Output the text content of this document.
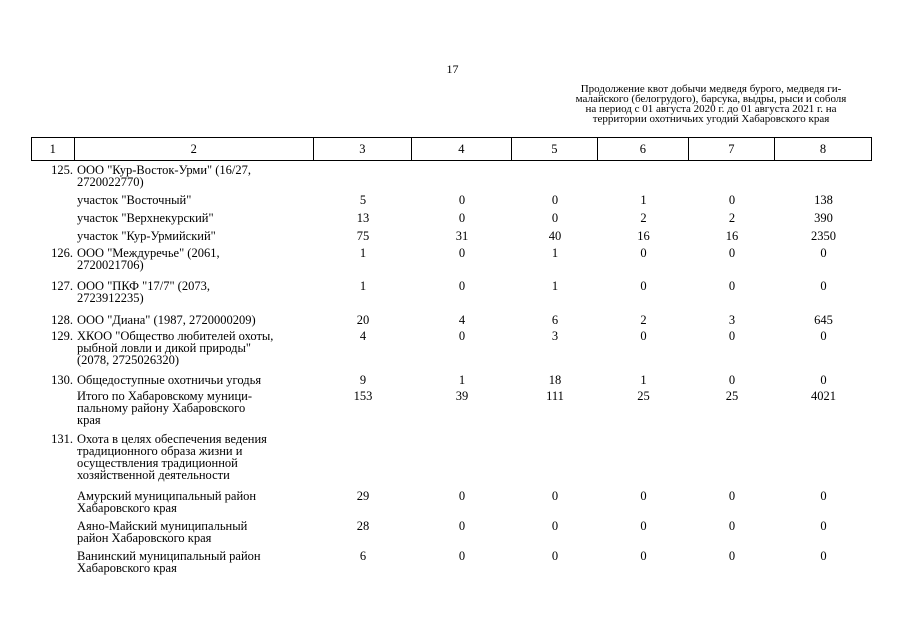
17
Продолжение квот добычи медведя бурого, медведя ги-
малайского (белогрудого), барсука, выдры, рыси и соболя
на период с 01 августа 2020 г. до 01 августа 2021 г. на
территории охотничьих угодий Хабаровского края
1	2	3	4	5	6	7	8
125.	ООО "Кур-Восток-Урми" (16/27,
2720022770)						

	участок "Восточный"	5	0	0	1	0	138

	участок "Верхнекурский"	13	0	0	2	2	390

	участок "Кур-Урмийский"	75	31	40	16	16	2350
126.	ООО "Междуречье" (2061,
2720021706)	1	0	1	0	0	0
127.	ООО "ПКФ "17/7" (2073,
2723912235)	1	0	1	0	0	0
128.	ООО "Диана" (1987, 2720000209)	20	4	6	2	3	645
129.	ХКОО "Общество любителей охоты,
рыбной ловли и дикой природы"
(2078, 2725026320)	4	0	3	0	0	0
130.	Общедоступные охотничьи угодья	9	1	18	1	0	0

	Итого по Хабаровскому муници-
пальному району Хабаровского
края	153	39	111	25	25	4021
131.	Охота в целях обеспечения ведения
традиционного образа жизни и
осуществления традиционной
хозяйственной деятельности						

	Амурский муниципальный район
Хабаровского края	29	0	0	0	0	0

	Аяно-Майский муниципальный
район Хабаровского края	28	0	0	0	0	0

	Ванинский муниципальный район
Хабаровского края	6	0	0	0	0	0
